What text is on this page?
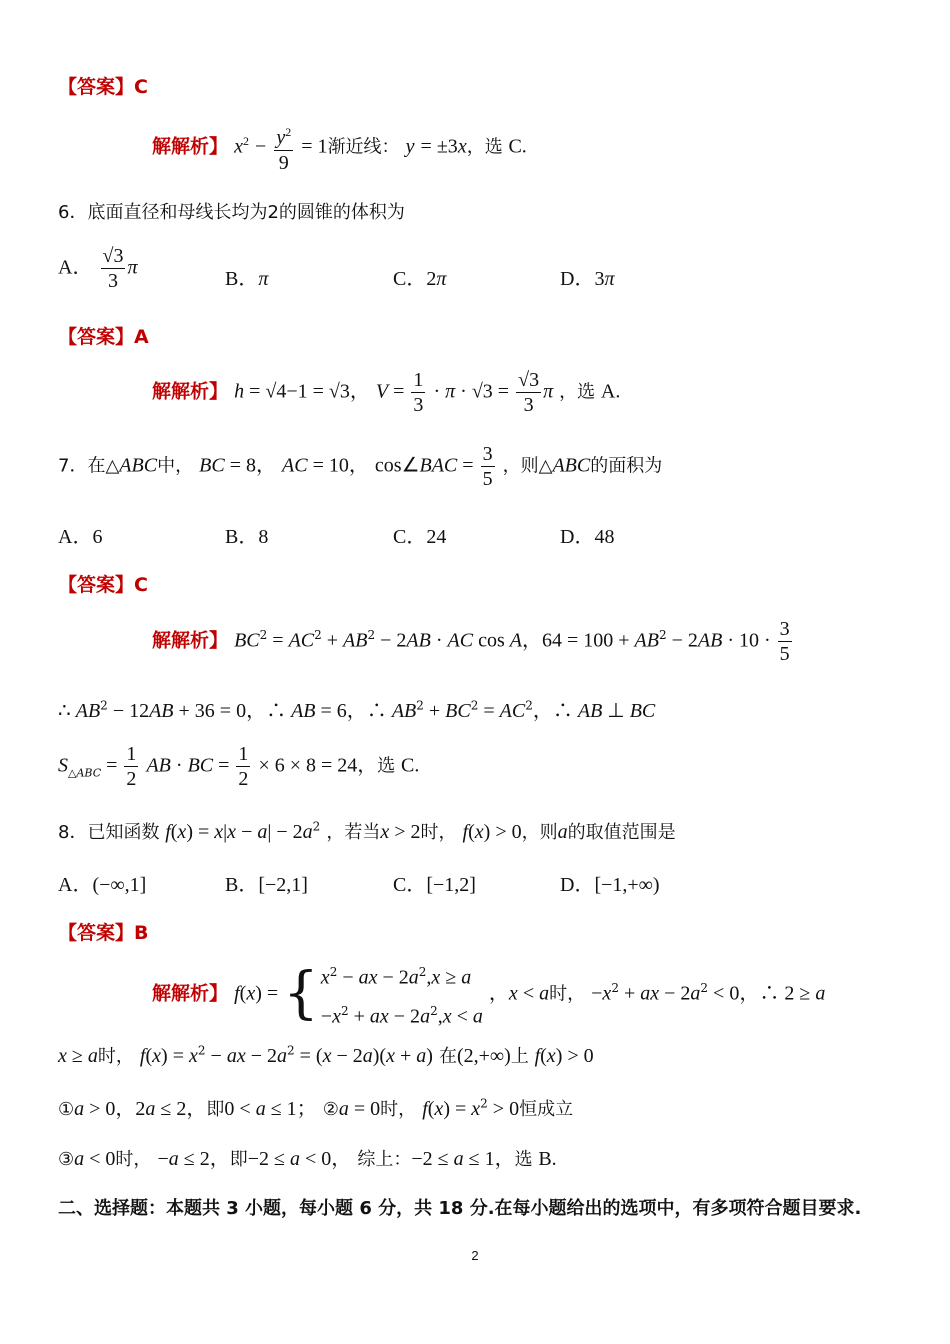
【答案】C
解解析】 $x^2 - \frac{y^2}{9} = 1$渐近线： y = ±3x，选 C.
6．底面直径和母线长均为2的圆锥的体积为
A． $\frac{√3}{3}$ π
B．π	C．2π	D．3π
【答案】A
解解析】 h = √4−1 = √3， $V = \frac{1}{3} \cdot \pi \cdot √3 = \frac{√3}{3}$ π ，选 A.
7．在△ABC中， BC = 8， AC = 10， cos∠BAC = $\frac{3}{5}$ ，则△ABC的面积为
A．6	B．8	C．24	D．48
【答案】C
解解析】 $BC^2 = AC^2 + AB^2 - 2AB$ · AC cos A，$64 = 100 + AB^2 - 2AB \cdot 10 \cdot \frac{3}{5}$
∴ $AB^2 - 12AB + 36 = 0$，∴ AB = 6，∴ $AB^2 + BC^2 = AC^2$，∴ AB ⊥ BC
$S_{\triangle ABC} = \frac{1}{2}$ AB · BC = $\frac{1}{2} \times 6 \times 8 = 24$，选 C.
8．已知函数 $f(x) = x|x - a| - 2a^2$ ，若当x > 2时， f(x) > 0，则a的取值范围是
A．(−∞,1]	B．[−2,1]	C．[−1,2]	D．[−1,+∞)
【答案】B
解解析】 f(x) = { $x^2$ − ax − $2a^2,x \ge a$
$-x^2$ + ax − $2a^2,x < a$
，x < a时， $-x^2$ + ax − $2a^2 < 0$，∴ 2 ≥ a
x ≥ a时， $f(x) = x^2$ − ax − $2a^2 = (x - 2a)(x + a)$ 在(2,+∞)上 f(x) > 0
①a > 0，2a ≤ 2，即0 < a ≤ 1； ②a = 0时， $f(x) = x^2 > 0$恒成立
③a < 0时， −a ≤ 2，即−2 ≤ a < 0， 综上：−2 ≤ a ≤ 1，选 B.
二、选择题：本题共 3 小题，每小题 6 分，共 18 分.在每小题给出的选项中，有多项符合题目要求.
2
